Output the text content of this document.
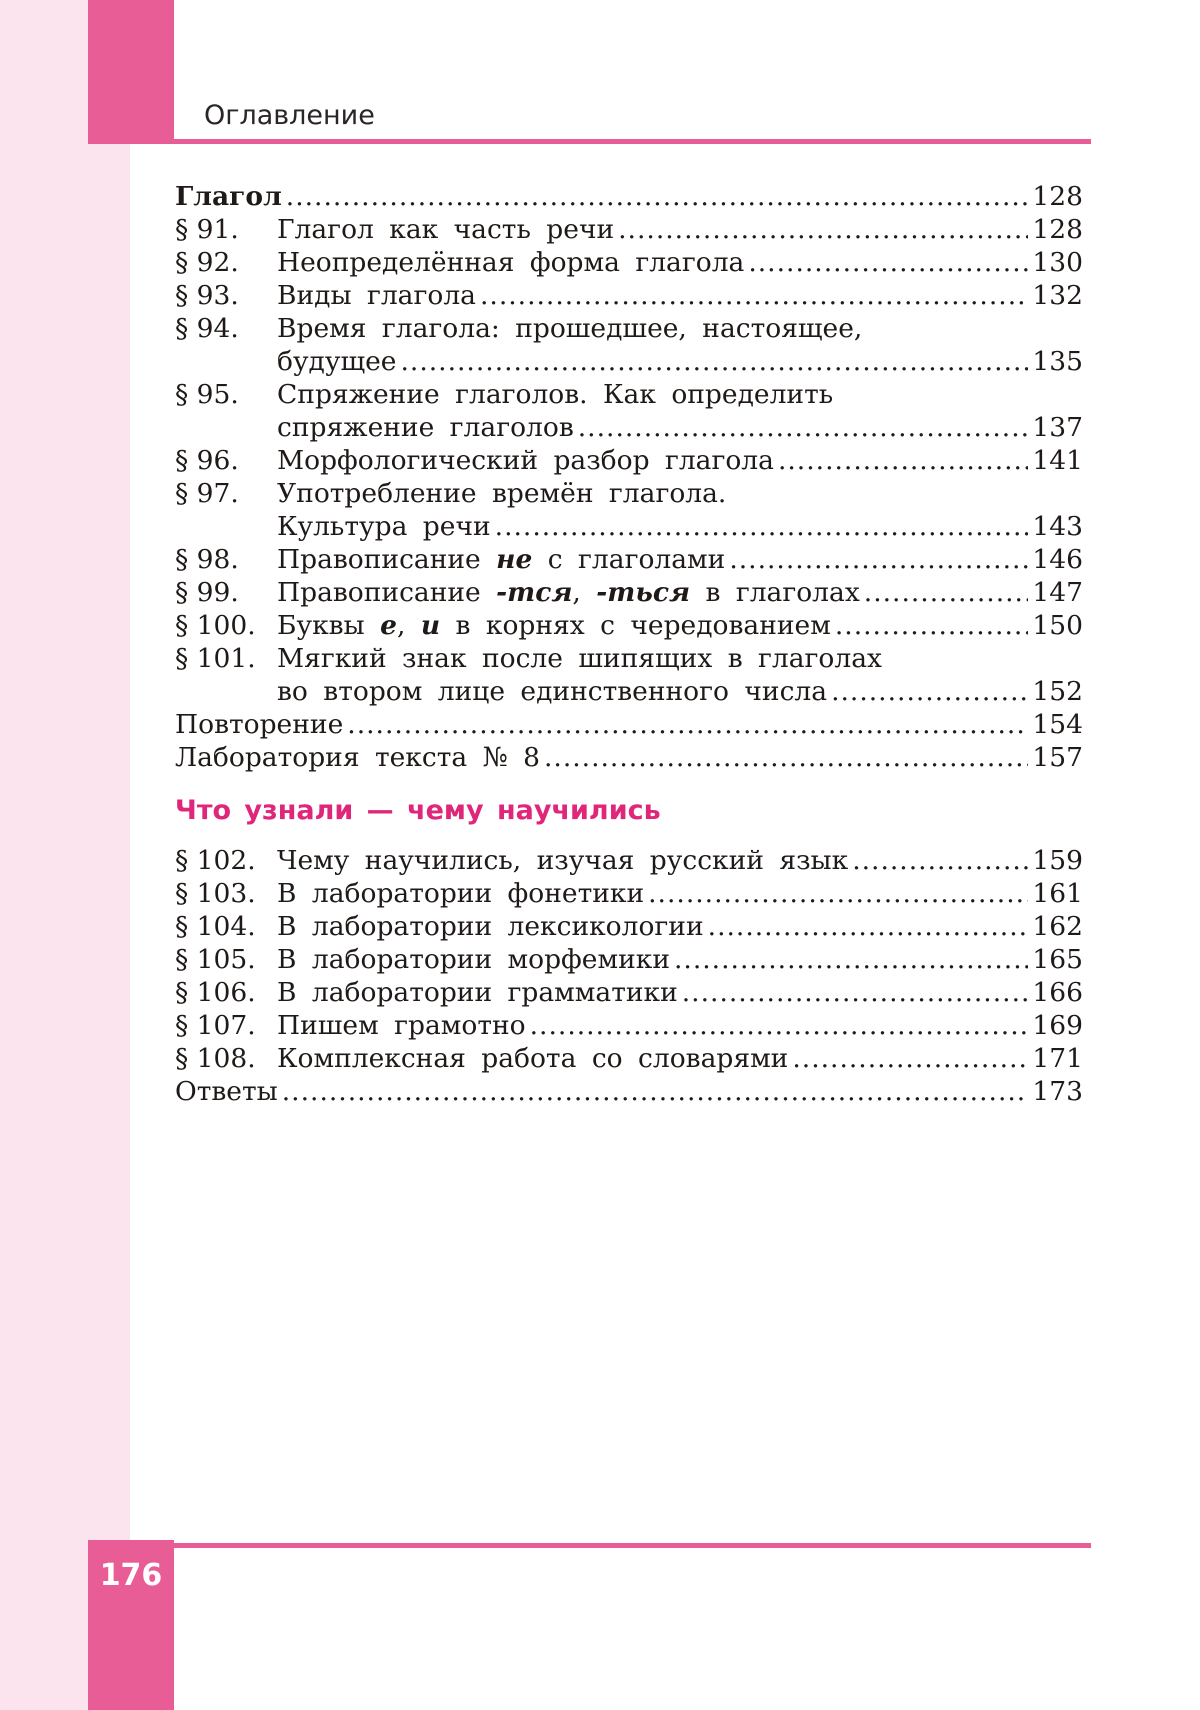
Оглавление
176
Глагол .....	128
§ 91.	Глагол как часть речи .....	128
§ 92.	Неопределённая форма глагола .....	130
§ 93.	Виды глагола .....	132
§ 94.	Время глагола: прошедшее, настоящее,
будущее .....	135
§ 95.	Спряжение глаголов. Как определить
спряжение глаголов .....	137
§ 96.	Морфологический разбор глагола .....	141
§ 97.	Употребление времён глагола.
Культура речи .....	143
§ 98.	Правописание не с глаголами .....	146
§ 99.	Правописание -тся, -ться в глаголах .....	147
§ 100. Буквы е, и в корнях с чередованием .....	150
§ 101. Мягкий знак после шипящих в глаголах
во втором лице единственного числа .....	152
Повторение .....	154
Лаборатория текста № 8 .....	157
Что узнали — чему научились
§ 102. Чему научились, изучая русский язык .....	159
§ 103. В лаборатории фонетики .....	161
§ 104. В лаборатории лексикологии .....	162
§ 105. В лаборатории морфемики .....	165
§ 106. В лаборатории грамматики .....	166
§ 107. Пишем грамотно .....	169
§ 108. Комплексная работа со словарями .....	171
Ответы .....	173
